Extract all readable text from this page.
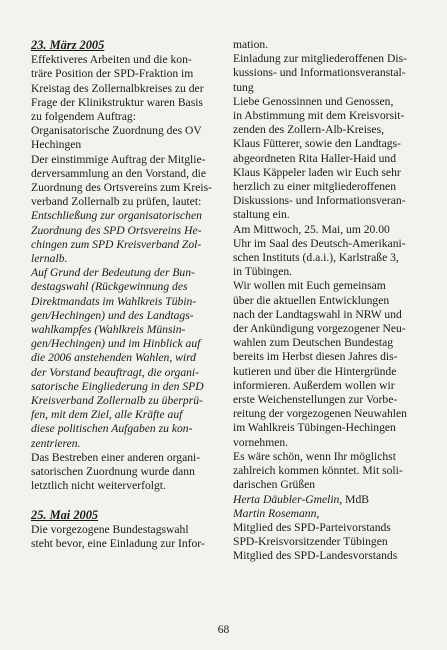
23. März 2005

Effektiveres Arbeiten und die kon-
träre Position der SPD-Fraktion im
Kreistag des Zollernalbkreises zu der
Frage der Klinikstruktur waren Basis
zu folgendem Auftrag:

Organisatorische Zuordnung des OV
Hechingen

Der einstimmige Auftrag der Mitglie-
derversammlung an den Vorstand, die
Zuordnung des Ortsvereins zum Kreis-
verband Zollernalb zu prüfen, lautet:

Entschließung zur organisatorischen
Zuordnung des SPD Ortsvereins He-
chingen zum SPD Kreisverband Zol-
lernalb.

Auf Grund der Bedeutung der Bun-
destagswahl (Rückgewinnung des
Direktmandats im Wahlkreis Tübin-
gen/Hechingen) und des Landtags-
wahlkampfes (Wahlkreis Münsin-
gen/Hechingen) und im Hinblick auf
die 2006 anstehenden Wahlen, wird
der Vorstand beauftragt, die organi-
satorische Eingliederung in den SPD
Kreisverband Zollernalb zu überprü-
fen, mit dem Ziel, alle Kräfte auf
diese politischen Aufgaben zu kon-
zentrieren.

Das Bestreben einer anderen organi-
satorischen Zuordnung wurde dann
letztlich nicht weiterverfolgt.

25. Mai 2005

Die vorgezogene Bundestagswahl
steht bevor, eine Einladung zur Infor-

mation.
Einladung zur mitgliederoffenen Dis-
kussions- und Informationsveranstal-
tung

Liebe Genossinnen und Genossen,
in Abstimmung mit dem Kreisvorsit-
zenden des Zollern-Alb-Kreises,
Klaus Fütterer, sowie den Landtags-
abgeordneten Rita Haller-Haid und
Klaus Käppeler laden wir Euch sehr
herzlich zu einer mitgliederoffenen
Diskussions- und Informationsveran-
staltung ein.

Am Mittwoch, 25. Mai, um 20.00
Uhr im Saal des Deutsch-Amerikani-
schen Instituts (d.a.i.), Karlstraße 3,
in Tübingen.

Wir wollen mit Euch gemeinsam
über die aktuellen Entwicklungen
nach der Landtagswahl in NRW und
der Ankündigung vorgezogener Neu-
wahlen zum Deutschen Bundestag
bereits im Herbst diesen Jahres dis-
kutieren und über die Hintergründe
informieren. Außerdem wollen wir
erste Weichenstellungen zur Vorbe-
reitung der vorgezogenen Neuwahlen
im Wahlkreis Tübingen-Hechingen
vornehmen.

Es wäre schön, wenn Ihr möglichst
zahlreich kommen könntet. Mit soli-
darischen Grüßen

Herta Däubler-Gmelin, MdB

Martin Rosemann,

Mitglied des SPD-Parteivorstands
SPD-Kreisvorsitzender Tübingen
Mitglied des SPD-Landesvorstands

68
